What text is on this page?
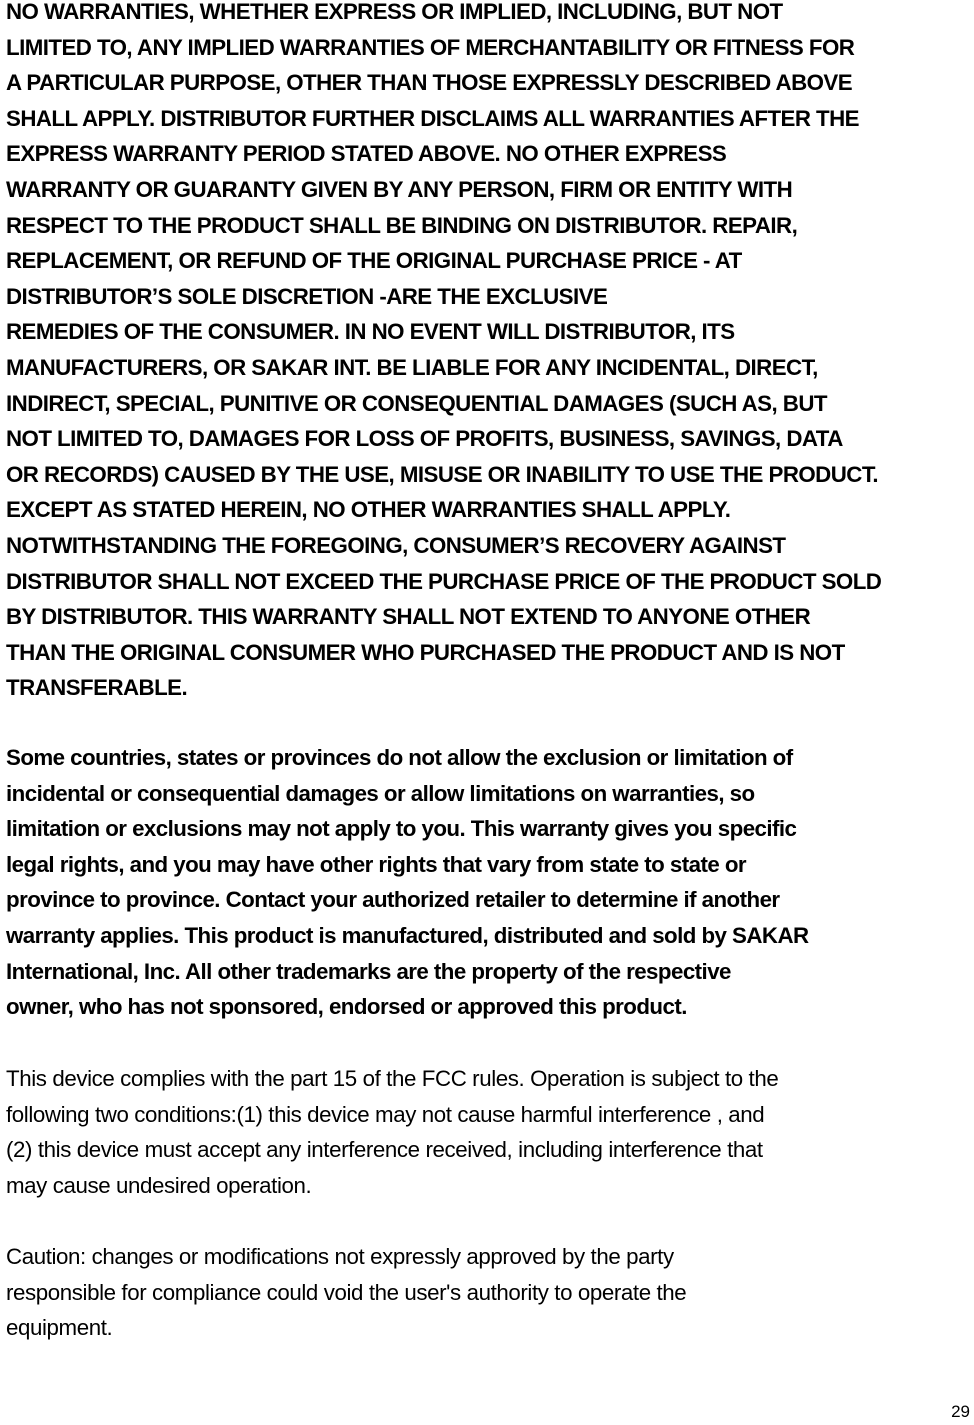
NO WARRANTIES, WHETHER EXPRESS OR IMPLIED, INCLUDING, BUT NOT
LIMITED TO, ANY IMPLIED WARRANTIES OF MERCHANTABILITY OR FITNESS FOR
A PARTICULAR PURPOSE, OTHER THAN THOSE EXPRESSLY DESCRIBED ABOVE
SHALL APPLY. DISTRIBUTOR FURTHER DISCLAIMS ALL WARRANTIES AFTER THE
EXPRESS WARRANTY PERIOD STATED ABOVE. NO OTHER EXPRESS
WARRANTY OR GUARANTY GIVEN BY ANY PERSON, FIRM OR ENTITY WITH
RESPECT TO THE PRODUCT SHALL BE BINDING ON DISTRIBUTOR. REPAIR,
REPLACEMENT, OR REFUND OF THE ORIGINAL PURCHASE PRICE - AT
DISTRIBUTOR’S SOLE DISCRETION -ARE THE EXCLUSIVE
REMEDIES OF THE CONSUMER. IN NO EVENT WILL DISTRIBUTOR, ITS
MANUFACTURERS, OR SAKAR INT. BE LIABLE FOR ANY INCIDENTAL, DIRECT,
INDIRECT, SPECIAL, PUNITIVE OR CONSEQUENTIAL DAMAGES (SUCH AS, BUT
NOT LIMITED TO, DAMAGES FOR LOSS OF PROFITS, BUSINESS, SAVINGS, DATA
OR RECORDS) CAUSED BY THE USE, MISUSE OR INABILITY TO USE THE PRODUCT.
EXCEPT AS STATED HEREIN, NO OTHER WARRANTIES SHALL APPLY.
NOTWITHSTANDING THE FOREGOING, CONSUMER’S RECOVERY AGAINST
DISTRIBUTOR SHALL NOT EXCEED THE PURCHASE PRICE OF THE PRODUCT SOLD
BY DISTRIBUTOR. THIS WARRANTY SHALL NOT EXTEND TO ANYONE OTHER
THAN THE ORIGINAL CONSUMER WHO PURCHASED THE PRODUCT AND IS NOT
TRANSFERABLE.
Some countries, states or provinces do not allow the exclusion or limitation of
incidental or consequential damages or allow limitations on warranties, so
limitation or exclusions may not apply to you. This warranty gives you specific
legal rights, and you may have other rights that vary from state to state or
province to province. Contact your authorized retailer to determine if another
warranty applies. This product is manufactured, distributed and sold by SAKAR
International, Inc. All other trademarks are the property of the respective
owner, who has not sponsored, endorsed or approved this product.
This device complies with the part 15 of the FCC rules. Operation is subject to the
following two conditions:(1) this device may not cause harmful interference , and
(2) this device must accept any interference received, including interference that
may cause undesired operation.
Caution: changes or modifications not expressly approved by the party
responsible for compliance could void the user's authority to operate the
equipment.
29
